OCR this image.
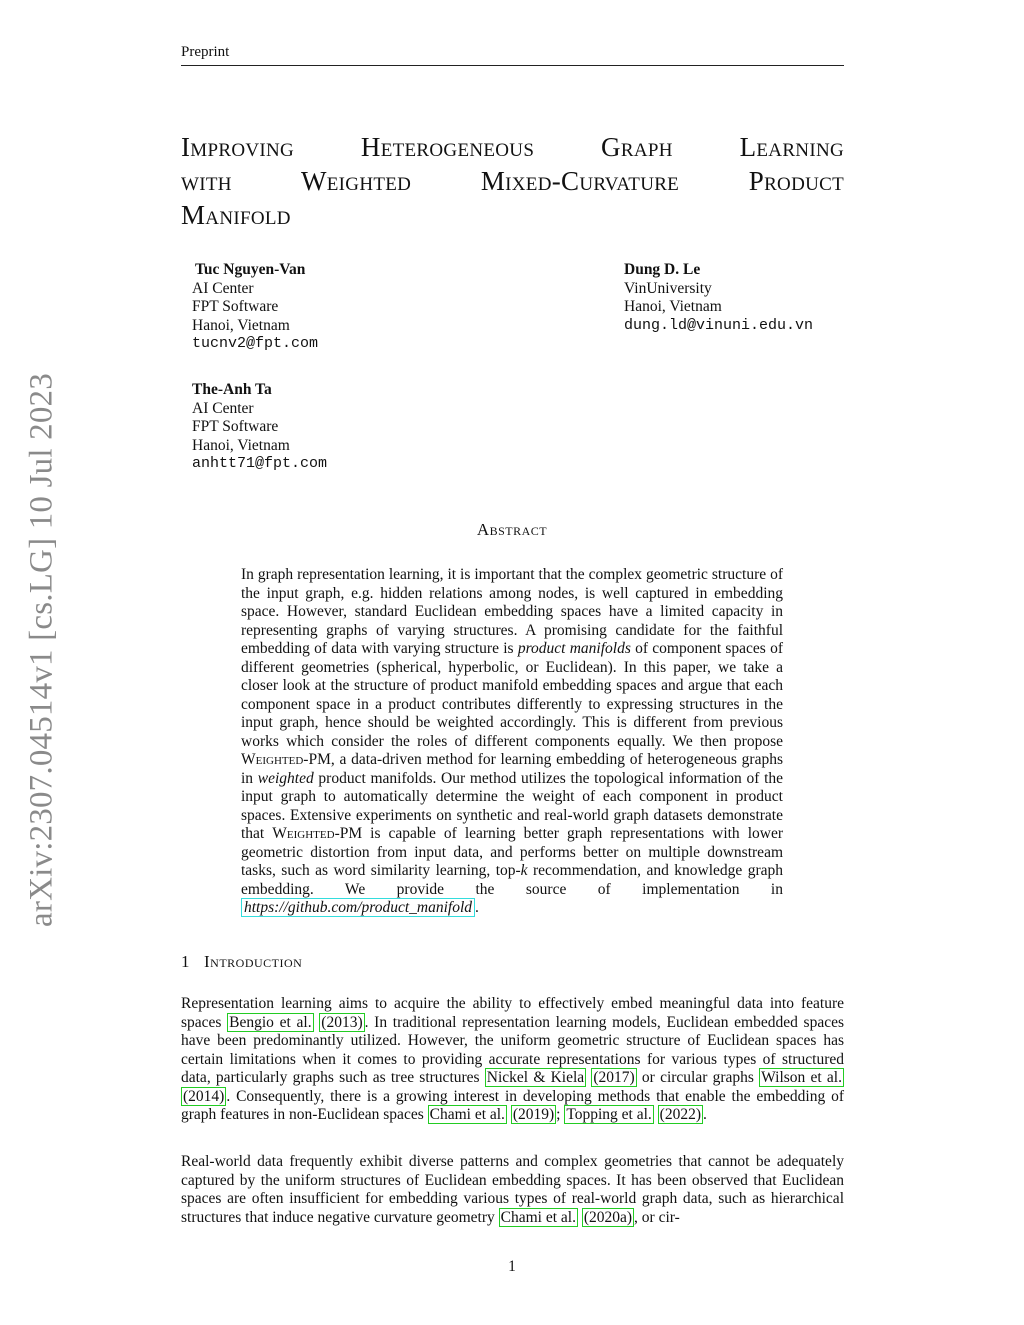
Preprint
arXiv:2307.04514v1 [cs.LG] 10 Jul 2023
Improving Heterogeneous Graph Learning
with Weighted Mixed-Curvature Product
Manifold
Tuc Nguyen-Van
AI Center
FPT Software
Hanoi, Vietnam
tucnv2@fpt.com
Dung D. Le
VinUniversity
Hanoi, Vietnam
dung.ld@vinuni.edu.vn
The-Anh Ta
AI Center
FPT Software
Hanoi, Vietnam
anhtt71@fpt.com
Abstract
In graph representation learning, it is important that the complex geometric structure of the input graph, e.g. hidden relations among nodes, is well captured in embedding space. However, standard Euclidean embedding spaces have a limited capacity in representing graphs of varying structures. A promising candidate for the faithful embedding of data with varying structure is product manifolds of component spaces of different geometries (spherical, hyperbolic, or Euclidean). In this paper, we take a closer look at the structure of product manifold embedding spaces and argue that each component space in a product contributes differently to expressing structures in the input graph, hence should be weighted accordingly. This is different from previous works which consider the roles of different components equally. We then propose Weighted-PM, a data-driven method for learning embedding of heterogeneous graphs in weighted product manifolds. Our method utilizes the topological information of the input graph to automatically determine the weight of each component in product spaces. Extensive experiments on synthetic and real-world graph datasets demonstrate that Weighted-PM is capable of learning better graph representations with lower geometric distortion from input data, and performs better on multiple downstream tasks, such as word similarity learning, top-k recommendation, and knowledge graph embedding. We provide the source of implementation in https://github.com/product_manifold .
1 Introduction
Representation learning aims to acquire the ability to effectively embed meaningful data into feature spaces Bengio et al. (2013) . In traditional representation learning models, Euclidean embedded spaces have been predominantly utilized. However, the uniform geometric structure of Euclidean spaces has certain limitations when it comes to providing accurate representations for various types of structured data, particularly graphs such as tree structures Nickel & Kiela (2017) or circular graphs Wilson et al. (2014) . Consequently, there is a growing interest in developing methods that enable the embedding of graph features in non-Euclidean spaces Chami et al. (2019) ; Topping et al. (2022) .
Real-world data frequently exhibit diverse patterns and complex geometries that cannot be adequately captured by the uniform structures of Euclidean embedding spaces. It has been observed that Euclidean spaces are often insufficient for embedding various types of real-world graph data, such as hierarchical structures that induce negative curvature geometry Chami et al. (2020a) , or cir-
1
